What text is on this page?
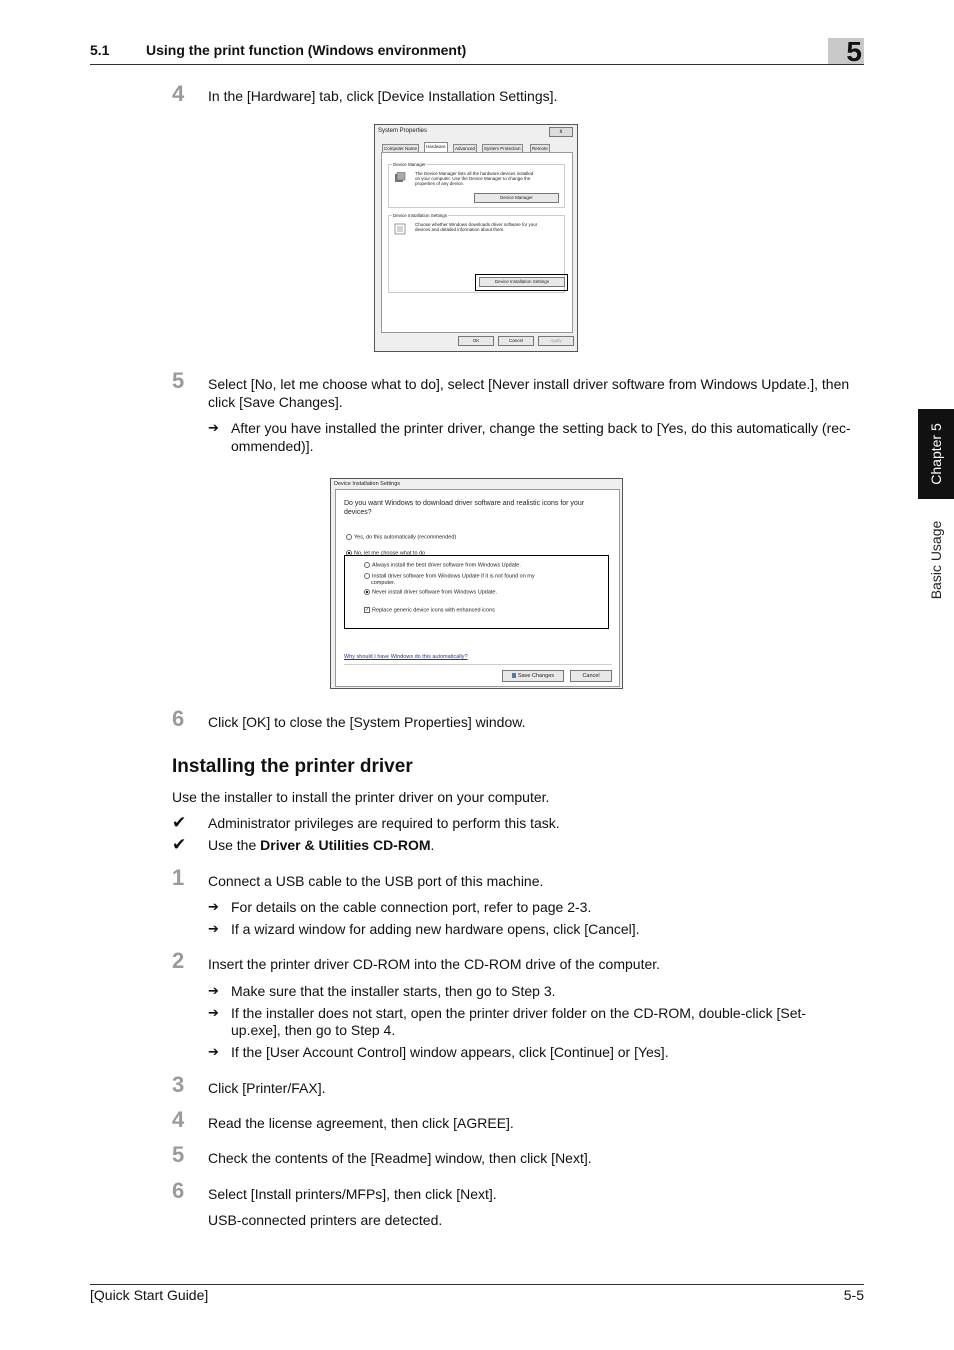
5.1	Using the print function (Windows environment)	5
Chapter 5
Basic Usage
4 In the [Hardware] tab, click [Device Installation Settings].
System Properties	x
Computer Name	Hardware	Advanced	System Protection	Remote
Device Manager
The Device Manager lists all the hardware devices installed
on your computer. Use the Device Manager to change the
properties of any device.
Device Manager
Device Installation Settings
Choose whether Windows downloads driver software for your
devices and detailed information about them.
Device Installation Settings
OK	Cancel	Apply
5 Select [No, let me choose what to do], select [Never install driver software from Windows Update.], then
click [Save Changes].
➔ After you have installed the printer driver, change the setting back to [Yes, do this automatically (rec-
ommended)].
Device Installation Settings
Do you want Windows to download driver software and realistic icons for your
devices?
Yes, do this automatically (recommended)
No, let me choose what to do
Always install the best driver software from Windows Update.
Install driver software from Windows Update if it is not found on my
computer.
Never install driver software from Windows Update.
✓ Replace generic device icons with enhanced icons
Why should I have Windows do this automatically?
Save Changes	Cancel
6 Click [OK] to close the [System Properties] window.
Installing the printer driver
Use the installer to install the printer driver on your computer.
✔ Administrator privileges are required to perform this task.
✔ Use the Driver & Utilities CD-ROM.
1 Connect a USB cable to the USB port of this machine.
➔ For details on the cable connection port, refer to page 2-3.
➔ If a wizard window for adding new hardware opens, click [Cancel].
2 Insert the printer driver CD-ROM into the CD-ROM drive of the computer.
➔ Make sure that the installer starts, then go to Step 3.
➔ If the installer does not start, open the printer driver folder on the CD-ROM, double-click [Set-
up.exe], then go to Step 4.
➔ If the [User Account Control] window appears, click [Continue] or [Yes].
3 Click [Printer/FAX].
4 Read the license agreement, then click [AGREE].
5 Check the contents of the [Readme] window, then click [Next].
6 Select [Install printers/MFPs], then click [Next].
USB-connected printers are detected.
[Quick Start Guide]	5-5
